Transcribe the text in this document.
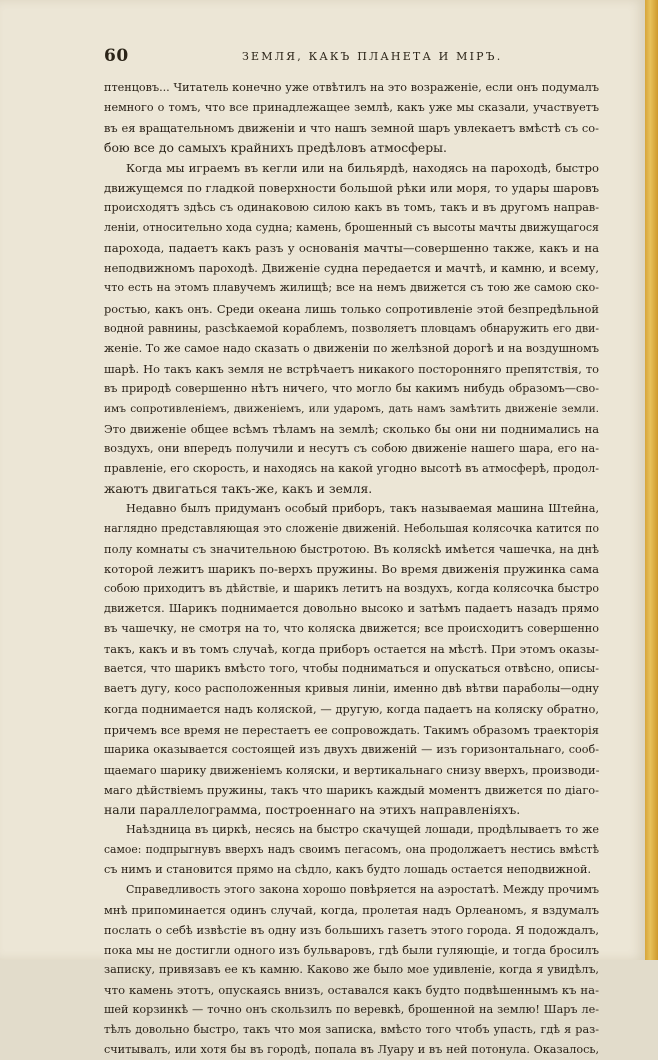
60	ЗЕМЛЯ, КАКЪ ПЛАНЕТА И МIРЪ.
птенцовъ... Читатель конечно уже отвѣтилъ на это возраженіе, если онъ подумалъ
немного о томъ, что все принадлежащее землѣ, какъ уже мы сказали, участвуетъ
въ ея вращательномъ движеніи и что нашъ земной шаръ увлекаетъ вмѣстѣ съ со-
бою все до самыхъ крайнихъ предѣловъ атмосферы.
Когда мы играемъ въ кегли или на бильярдѣ, находясь на пароходѣ, быстро
движущемся по гладкой поверхности большой рѣки или моря, то удары шаровъ
происходятъ здѣсь съ одинаковою силою какъ въ томъ, такъ и въ другомъ направ-
леніи, относительно хода судна; камень, брошенный съ высоты мачты движущагося
парохода, падаетъ какъ разъ у основанія мачты—совершенно также, какъ и на
неподвижномъ пароходѣ. Движеніе судна передается и мачтѣ, и камню, и всему,
что есть на этомъ плавучемъ жилищѣ; все на немъ движется съ тою же самою ско-
ростью, какъ онъ. Среди океана лишь только сопротивленіе этой безпредѣльной
водной равнины, разсѣкаемой кораблемъ, позволяетъ пловцамъ обнаружить его дви-
женіе. То же самое надо сказать о движеніи по желѣзной дорогѣ и на воздушномъ
шарѣ. Но такъ какъ земля не встрѣчаетъ никакого посторонняго препятствія, то
въ природѣ совершенно нѣтъ ничего, что могло бы какимъ нибудь образомъ—сво-
имъ сопротивленіемъ, движеніемъ, или ударомъ, дать намъ замѣтить движеніе земли.
Это движеніе общее всѣмъ тѣламъ на землѣ; сколько бы они ни поднимались на
воздухъ, они впередъ получили и несутъ съ собою движеніе нашего шара, его на-
правленіе, его скорость, и находясь на какой угодно высотѣ въ атмосферѣ, продол-
жаютъ двигаться такъ-же, какъ и земля.
Недавно былъ придуманъ особый приборъ, такъ называемая машина Штейна,
наглядно представляющая это сложеніе движеній. Небольшая колясочка катится по
полу комнаты съ значительною быстротою. Въ колясkѣ имѣется чашечка, на днѣ
которой лежитъ шарикъ по-верхъ пружины. Во время движенія пружинка сама
собою приходитъ въ дѣйствіе, и шарикъ летитъ на воздухъ, когда колясочка быстро
движется. Шарикъ поднимается довольно высоко и затѣмъ падаетъ назадъ прямо
въ чашечку, не смотря на то, что коляска движется; все происходитъ совершенно
такъ, какъ и въ томъ случаѣ, когда приборъ остается на мѣстѣ. При этомъ оказы-
вается, что шарикъ вмѣсто того, чтобы подниматься и опускаться отвѣсно, описы-
ваетъ дугу, косо расположенныя кривыя линіи, именно двѣ вѣтви параболы—одну
когда поднимается надъ коляской, — другую, когда падаетъ на коляску обратно,
причемъ все время не перестаетъ ее сопровождать. Такимъ образомъ траекторія
шарика оказывается состоящей изъ двухъ движеній — изъ горизонтальнаго, сооб-
щаемаго шарику движеніемъ коляски, и вертикальнаго снизу вверхъ, производи-
маго дѣйствіемъ пружины, такъ что шарикъ каждый моментъ движется по діаго-
нали параллелограмма, построеннаго на этихъ направленіяхъ.
Наѣздница въ циркѣ, несясь на быстро скачущей лошади, продѣлываетъ то же
самое: подпрыгнувъ вверхъ надъ своимъ пегасомъ, она продолжаетъ нестись вмѣстѣ
съ нимъ и становится прямо на сѣдло, какъ будто лошадь остается неподвижной.
Справедливость этого закона хорошо повѣряется на аэростатѣ. Между прочимъ
мнѣ припоминается одинъ случай, когда, пролетая надъ Орлеаномъ, я вздумалъ
послать о себѣ извѣстіе въ одну изъ большихъ газетъ этого города. Я подождалъ,
пока мы не достигли одного изъ бульваровъ, гдѣ были гуляющіе, и тогда бросилъ
записку, привязавъ ее къ камню. Каково же было мое удивленіе, когда я увидѣлъ,
что камень этотъ, опускаясь внизъ, оставался какъ будто подвѣшеннымъ къ на-
шей корзинкѣ — точно онъ скользилъ по веревкѣ, брошенной на землю! Шаръ ле-
тѣлъ довольно быстро, такъ что моя записка, вмѣсто того чтобъ упасть, гдѣ я раз-
считывалъ, или хотя бы въ городѣ, попала въ Луару и въ ней потонула. Оказалось,
